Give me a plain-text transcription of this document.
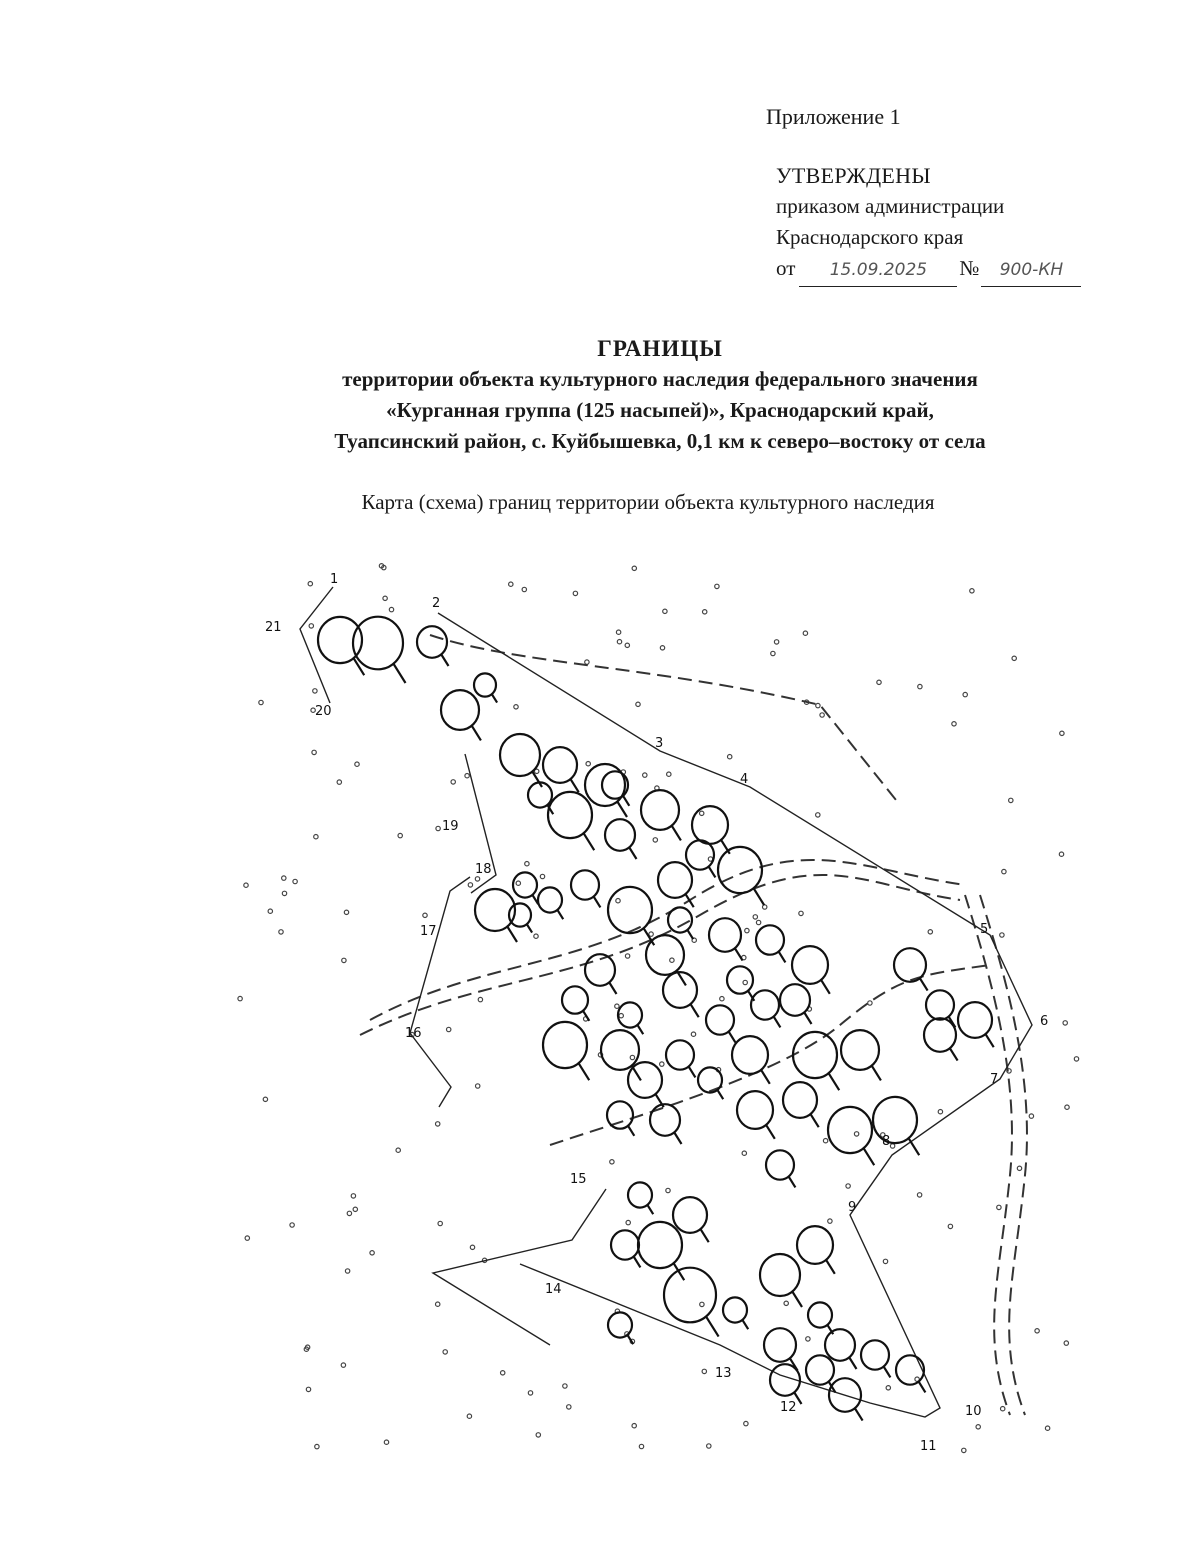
Приложение 1
УТВЕРЖДЕНЫ
приказом администрации
Краснодарского края
от	15.09.2025	№	900-КН
ГРАНИЦЫ
территории объекта культурного наследия федерального значения
«Курганная группа (125 насыпей)», Краснодарский край,
Туапсинский район, с. Куйбышевка, 0,1 км к северо–востоку от села
Карта (схема) границ территории объекта культурного наследия
1
2
3
4
5
6
7
8
9
10
11
12
13
14
15
16
17
18
19
20
21
